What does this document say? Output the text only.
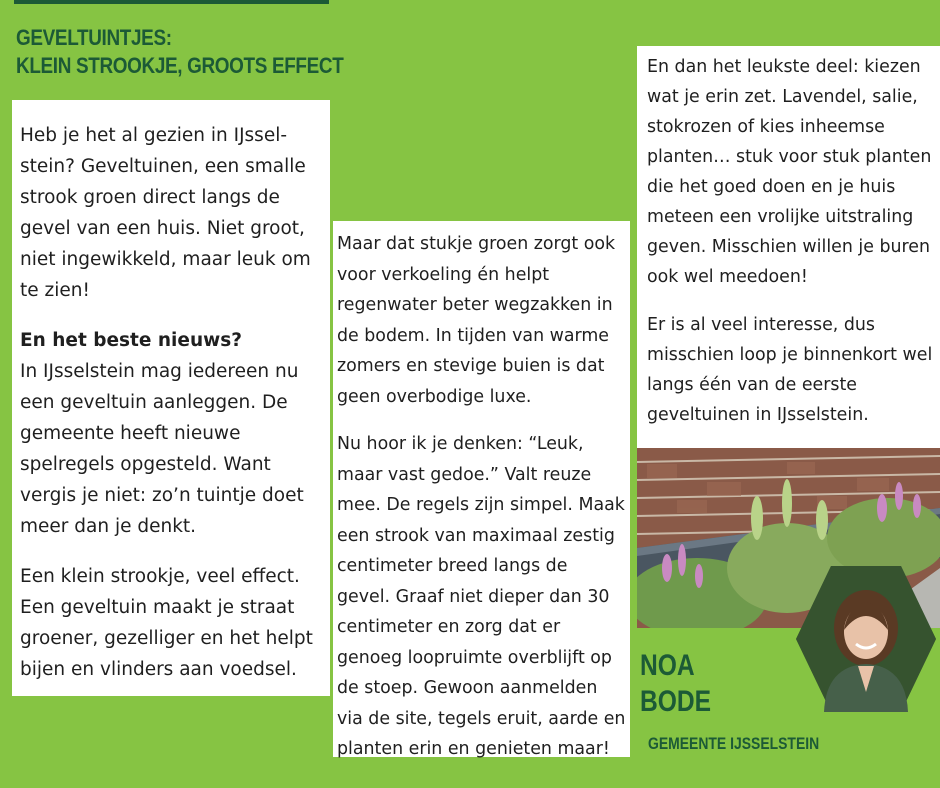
GEVELTUINTJES:
KLEIN STROOKJE, GROOTS EFFECT

Heb je het al gezien in IJssel-stein? Geveltuinen, een smalle strook groen direct langs de gevel van een huis. Niet groot, niet ingewikkeld, maar leuk om te zien!

En het beste nieuws?

In IJsselstein mag iedereen nu een geveltuin aanleggen. De gemeente heeft nieuwe spelregels opgesteld. Want vergis je niet: zo’n tuintje doet meer dan je denkt.

Een klein strookje, veel effect. Een geveltuin maakt je straat groener, gezelliger en het helpt bijen en vlinders aan voedsel.

Maar dat stukje groen zorgt ook voor verkoeling én helpt regenwater beter wegzakken in de bodem. In tijden van warme zomers en stevige buien is dat geen overbodige luxe.

Nu hoor ik je denken: “Leuk, maar vast gedoe.” Valt reuze mee. De regels zijn simpel. Maak een strook van maximaal zestig centimeter breed langs de gevel. Graaf niet dieper dan 30 centimeter en zorg dat er genoeg loopruimte overblijft op de stoep. Gewoon aanmelden via de site, tegels eruit, aarde en planten erin en genieten maar!

En dan het leukste deel: kiezen wat je erin zet. Lavendel, salie, stokrozen of kies inheemse planten… stuk voor stuk planten die het goed doen en je huis meteen een vrolijke uitstraling geven. Misschien willen je buren ook wel meedoen!

Er is al veel interesse, dus misschien loop je binnenkort wel langs één van de eerste geveltuinen in IJsselstein.

NOA
BODE
GEMEENTE IJSSELSTEIN
